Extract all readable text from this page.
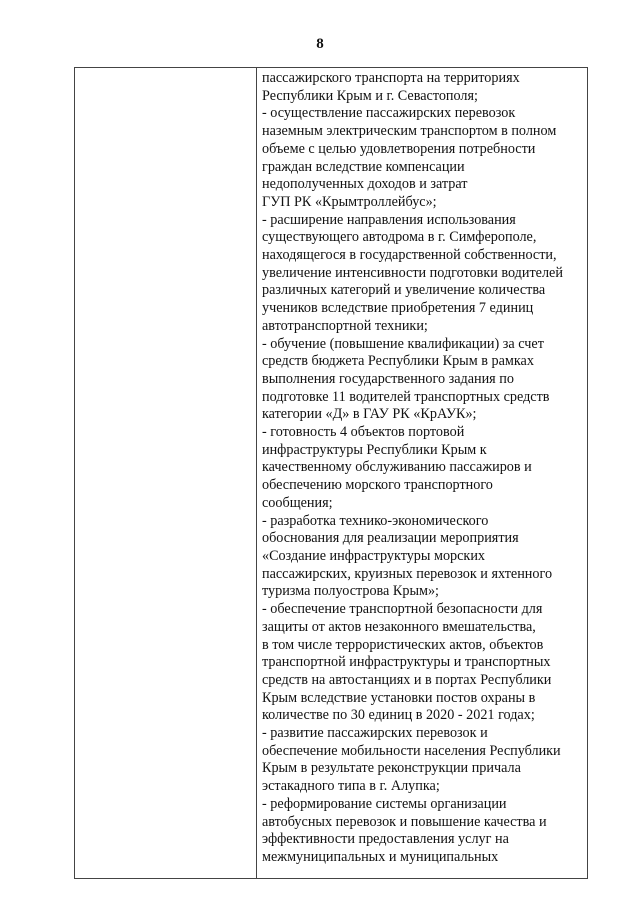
8
пассажирского транспорта на территориях
Республики Крым и г. Севастополя;
- осуществление пассажирских перевозок
наземным электрическим транспортом в полном
объеме с целью удовлетворения потребности
граждан вследствие компенсации
недополученных доходов и затрат
ГУП РК «Крымтроллейбус»;
- расширение направления использования
существующего автодрома в г. Симферополе,
находящегося в государственной собственности,
увеличение интенсивности подготовки водителей
различных категорий и увеличение количества
учеников вследствие приобретения 7 единиц
автотранспортной техники;
- обучение (повышение квалификации) за счет
средств бюджета Республики Крым в рамках
выполнения государственного задания по
подготовке 11 водителей транспортных средств
категории «Д» в ГАУ РК «КрАУК»;
- готовность 4 объектов портовой
инфраструктуры Республики Крым к
качественному обслуживанию пассажиров и
обеспечению морского транспортного
сообщения;
- разработка технико-экономического
обоснования для реализации мероприятия
«Создание инфраструктуры морских
пассажирских, круизных перевозок и яхтенного
туризма полуострова Крым»;
- обеспечение транспортной безопасности для
защиты от актов незаконного вмешательства,
в том числе террористических актов, объектов
транспортной инфраструктуры и транспортных
средств на автостанциях и в портах Республики
Крым вследствие установки постов охраны в
количестве по 30 единиц в 2020 - 2021 годах;
- развитие пассажирских перевозок и
обеспечение мобильности населения Республики
Крым в результате реконструкции причала
эстакадного типа в г. Алупка;
- реформирование системы организации
автобусных перевозок и повышение качества и
эффективности предоставления услуг на
межмуниципальных и муниципальных
